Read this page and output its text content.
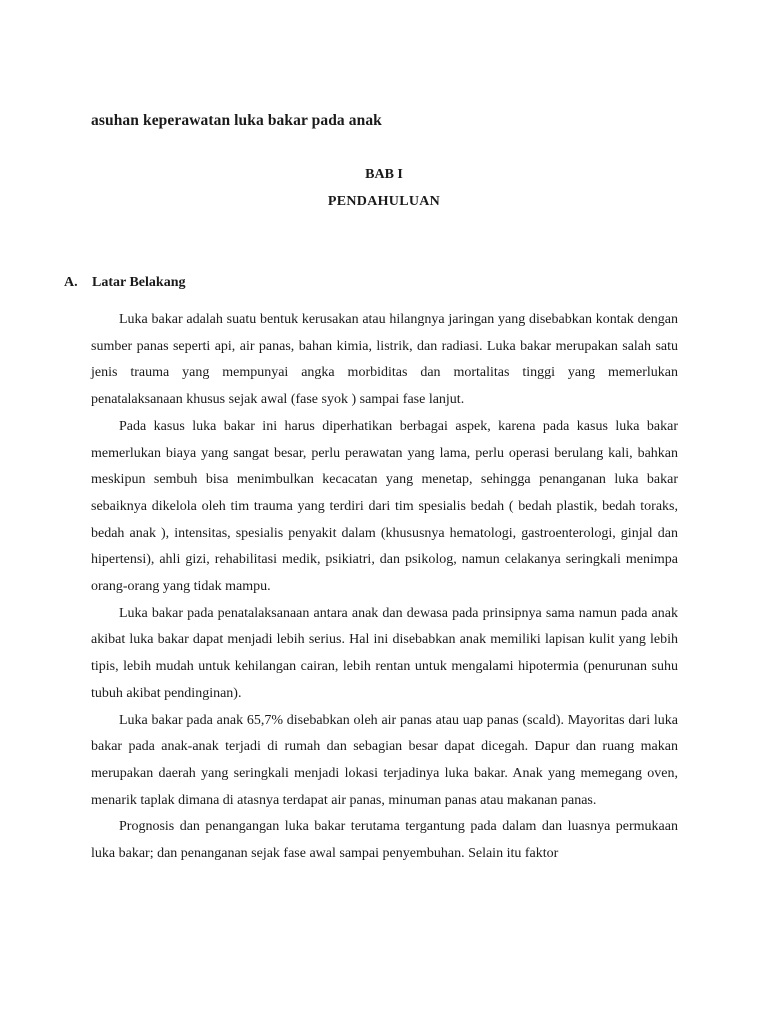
asuhan keperawatan luka bakar pada anak
BAB I
PENDAHULUAN
A.	Latar Belakang

Luka bakar adalah suatu bentuk kerusakan atau hilangnya jaringan yang disebabkan kontak dengan sumber panas seperti api, air panas, bahan kimia, listrik, dan radiasi. Luka bakar merupakan salah satu jenis trauma yang mempunyai angka morbiditas dan mortalitas tinggi yang memerlukan penatalaksanaan khusus sejak awal (fase syok ) sampai fase lanjut.

Pada kasus luka bakar ini harus diperhatikan berbagai aspek, karena pada kasus luka bakar memerlukan biaya yang sangat besar, perlu perawatan yang lama, perlu operasi berulang kali, bahkan meskipun sembuh bisa menimbulkan kecacatan yang menetap, sehingga penanganan luka bakar sebaiknya dikelola oleh tim trauma yang terdiri dari tim spesialis bedah ( bedah plastik, bedah toraks, bedah anak ), intensitas, spesialis penyakit dalam (khususnya hematologi, gastroenterologi, ginjal dan hipertensi), ahli gizi, rehabilitasi medik, psikiatri, dan psikolog, namun celakanya seringkali menimpa orang-orang yang tidak mampu.

Luka bakar pada penatalaksanaan antara anak dan dewasa pada prinsipnya sama namun pada anak akibat luka bakar dapat menjadi lebih serius. Hal ini disebabkan anak memiliki lapisan kulit yang lebih tipis, lebih mudah untuk kehilangan cairan, lebih rentan untuk mengalami hipotermia (penurunan suhu tubuh akibat pendinginan).

Luka bakar pada anak 65,7% disebabkan oleh air panas atau uap panas (scald). Mayoritas dari luka bakar pada anak-anak terjadi di rumah dan sebagian besar dapat dicegah. Dapur dan ruang makan merupakan daerah yang seringkali menjadi lokasi terjadinya luka bakar. Anak yang memegang oven, menarik taplak dimana di atasnya terdapat air panas, minuman panas atau makanan panas.

Prognosis dan penangangan luka bakar terutama tergantung pada dalam dan luasnya permukaan luka bakar; dan penanganan sejak fase awal sampai penyembuhan. Selain itu faktor
